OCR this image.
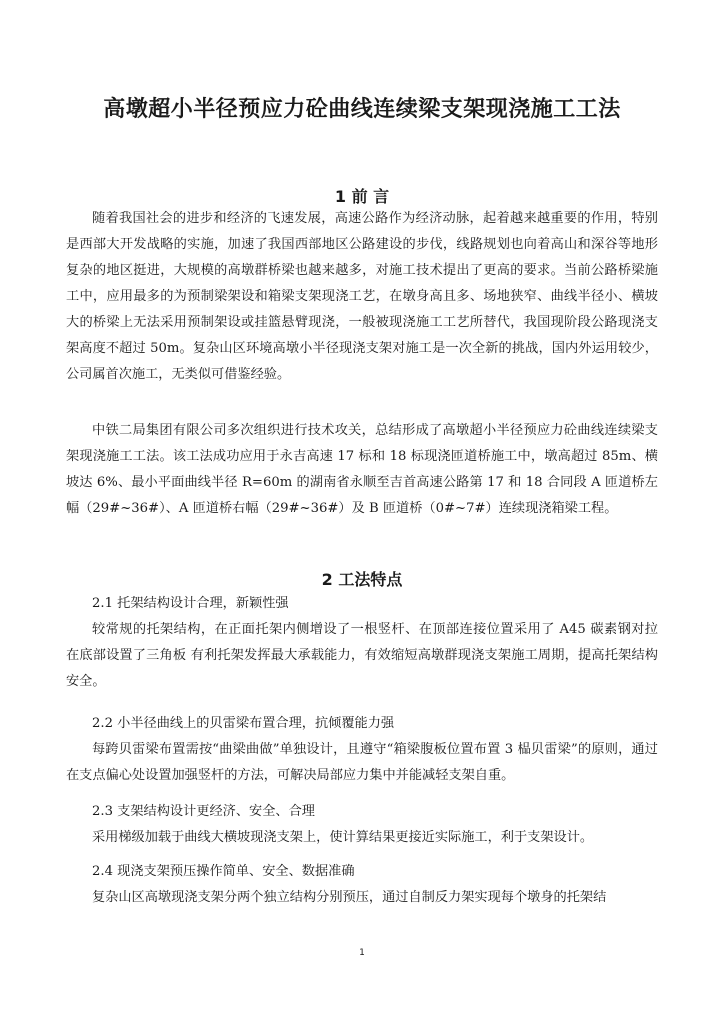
高墩超小半径预应力砼曲线连续梁支架现浇施工工法
1 前 言

随着我国社会的进步和经济的飞速发展，高速公路作为经济动脉，起着越来越重要的作用，特别是西部大开发战略的实施，加速了我国西部地区公路建设的步伐，线路规划也向着高山和深谷等地形复杂的地区挺进，大规模的高墩群桥梁也越来越多，对施工技术提出了更高的要求。当前公路桥梁施工中，应用最多的为预制梁架设和箱梁支架现浇工艺，在墩身高且多、场地狭窄、曲线半径小、横坡大的桥梁上无法采用预制架设或挂篮悬臂现浇，一般被现浇施工工艺所替代，我国现阶段公路现浇支架高度不超过 50m。复杂山区环境高墩小半径现浇支架对施工是一次全新的挑战，国内外运用较少，公司属首次施工，无类似可借鉴经验。

中铁二局集团有限公司多次组织进行技术攻关，总结形成了高墩超小半径预应力砼曲线连续梁支架现浇施工工法。该工法成功应用于永吉高速 17 标和 18 标现浇匝道桥施工中，墩高超过 85m、横坡达 6%、最小平面曲线半径 R=60m 的湖南省永顺至吉首高速公路第 17 和 18 合同段 A 匝道桥左幅（29#~36#）、A 匝道桥右幅（29#~36#）及 B 匝道桥（0#~7#）连续现浇箱梁工程。

2 工法特点

2.1 托架结构设计合理，新颖性强

较常规的托架结构，在正面托架内侧增设了一根竖杆、在顶部连接位置采用了 A45 碳素钢对拉 在底部设置了三角板 有利托架发挥最大承载能力，有效缩短高墩群现浇支架施工周期，提高托架结构安全。

2.2 小半径曲线上的贝雷梁布置合理，抗倾覆能力强

每跨贝雷梁布置需按“曲梁曲做”单独设计，且遵守“箱梁腹板位置布置 3 榀贝雷梁”的原则，通过在支点偏心处设置加强竖杆的方法，可解决局部应力集中并能减轻支架自重。

2.3 支架结构设计更经济、安全、合理

采用梯级加载于曲线大横坡现浇支架上，使计算结果更接近实际施工，利于支架设计。

2.4 现浇支架预压操作简单、安全、数据准确

复杂山区高墩现浇支架分两个独立结构分别预压，通过自制反力架实现每个墩身的托架结

1
